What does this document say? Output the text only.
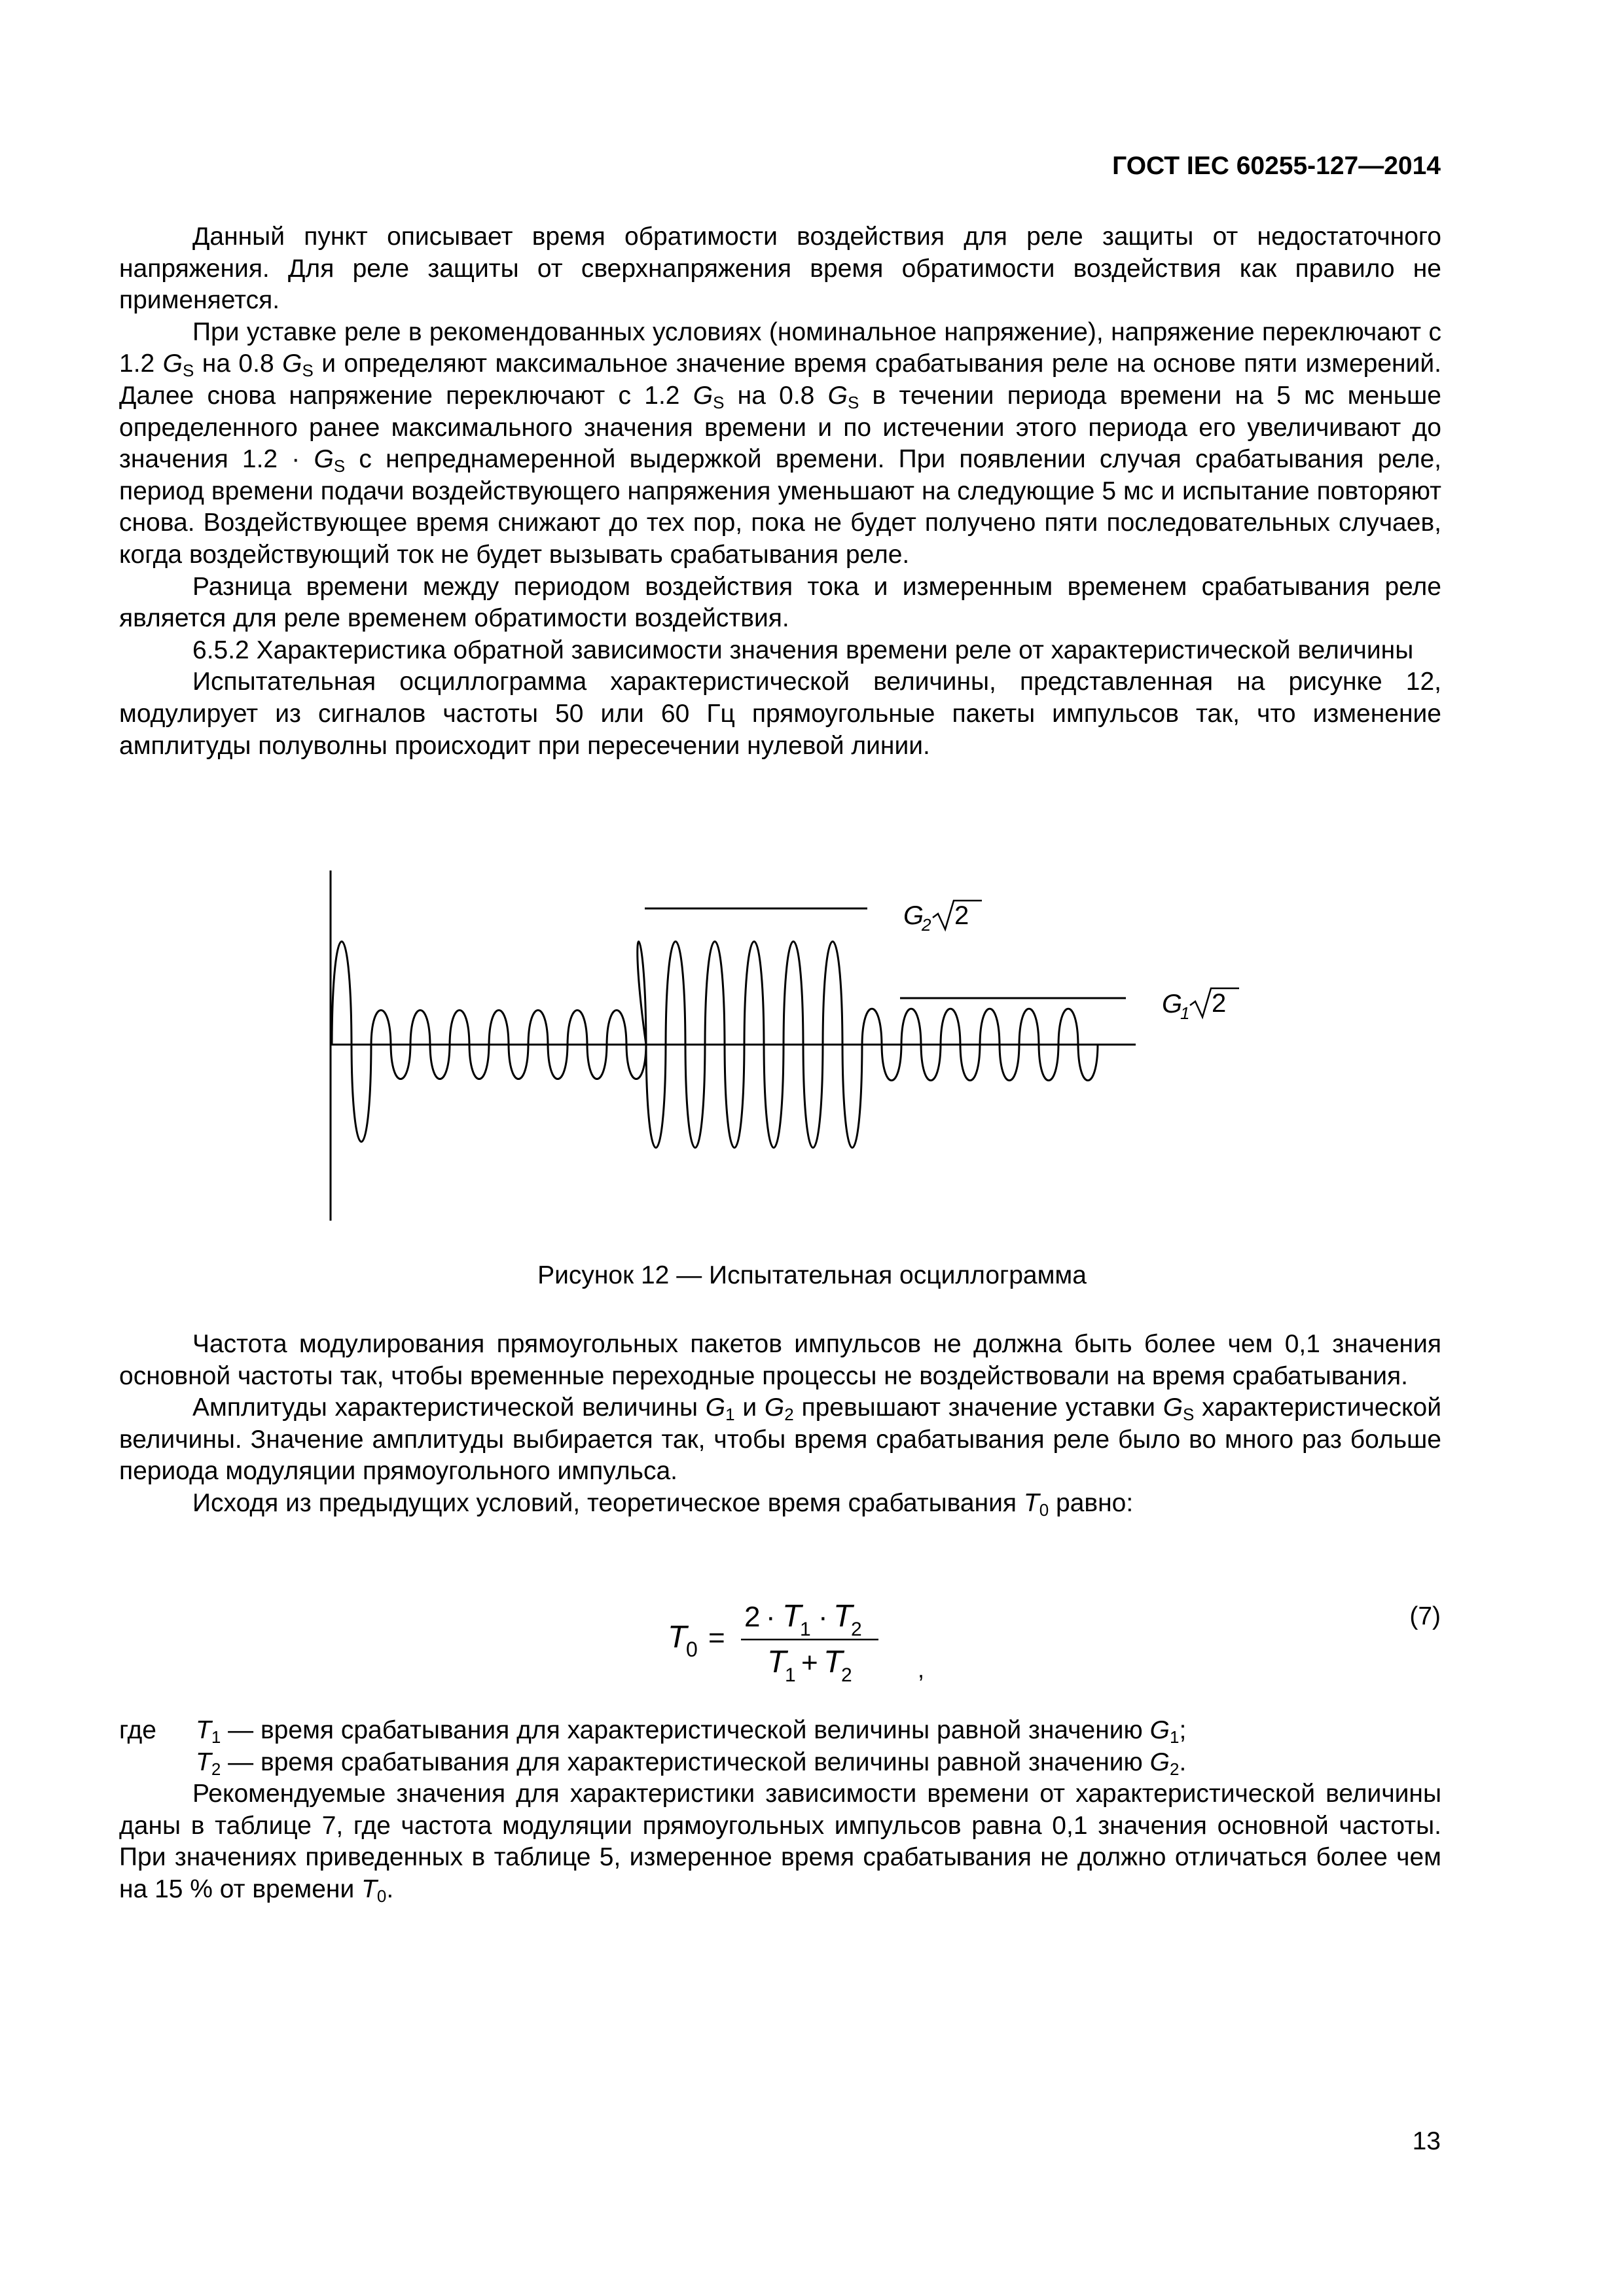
ГОСТ IEC 60255-127—2014

Данный пункт описывает время обратимости воздействия для реле защиты от недостаточного напряжения. Для реле защиты от сверхнапряжения время обратимости воздействия как правило не применяется.

При уставке реле в рекомендованных условиях (номинальное напряжение), напряжение переключают с 1.2 $G_S$ на 0.8 $G_S$ и определяют максимальное значение время срабатывания реле на основе пяти измерений. Далее снова напряжение переключают с 1.2 $G_S$ на 0.8 $G_S$ в течении периода времени на 5 мс меньше определенного ранее максимального значения времени и по истечении этого периода его увеличивают до значения $1.2 \cdot G_S$ с непреднамеренной выдержкой времени. При появлении случая срабатывания реле, период времени подачи воздействующего напряжения уменьшают на следующие 5 мс и испытание повторяют снова. Воздействующее время снижают до тех пор, пока не будет получено пяти последовательных случаев, когда воздействующий ток не будет вызывать срабатывания реле.

Разница времени между периодом воздействия тока и измеренным временем срабатывания реле является для реле временем обратимости воздействия.

6.5.2 Характеристика обратной зависимости значения времени реле от характеристической величины

Испытательная осциллограмма характеристической величины, представленная на рисунке 12, модулирует из сигналов частоты 50 или 60 Гц прямоугольные пакеты импульсов так, что изменение амплитуды полуволны происходит при пересечении нулевой линии.

G
2 2
G
1 2
Рисунок 12 — Испытательная осциллограмма

Частота модулирования прямоугольных пакетов импульсов не должна быть более чем 0,1 значения основной частоты так, чтобы временные переходные процессы не воздействовали на время срабатывания.

Амплитуды характеристической величины $G_1$ и $G_2$ превышают значение уставки $G_S$ характеристической величины. Значение амплитуды выбирается так, чтобы время срабатывания реле было во много раз больше периода модуляции прямоугольного импульса.

Исходя из предыдущих условий, теоретическое время срабатывания $T_0$ равно:

T
0 =
2 · T
1 · T
2
T
1 + T
2	,
(7)
где $T_1$ — время срабатывания для характеристической величины равной значению $G_1$;
$T_2$ — время срабатывания для характеристической величины равной значению $G_2$.

Рекомендуемые значения для характеристики зависимости времени от характеристической величины даны в таблице 7, где частота модуляции прямоугольных импульсов равна 0,1 значения основной частоты. При значениях приведенных в таблице 5, измеренное время срабатывания не должно отличаться более чем на 15 % от времени $T_0$.

13
